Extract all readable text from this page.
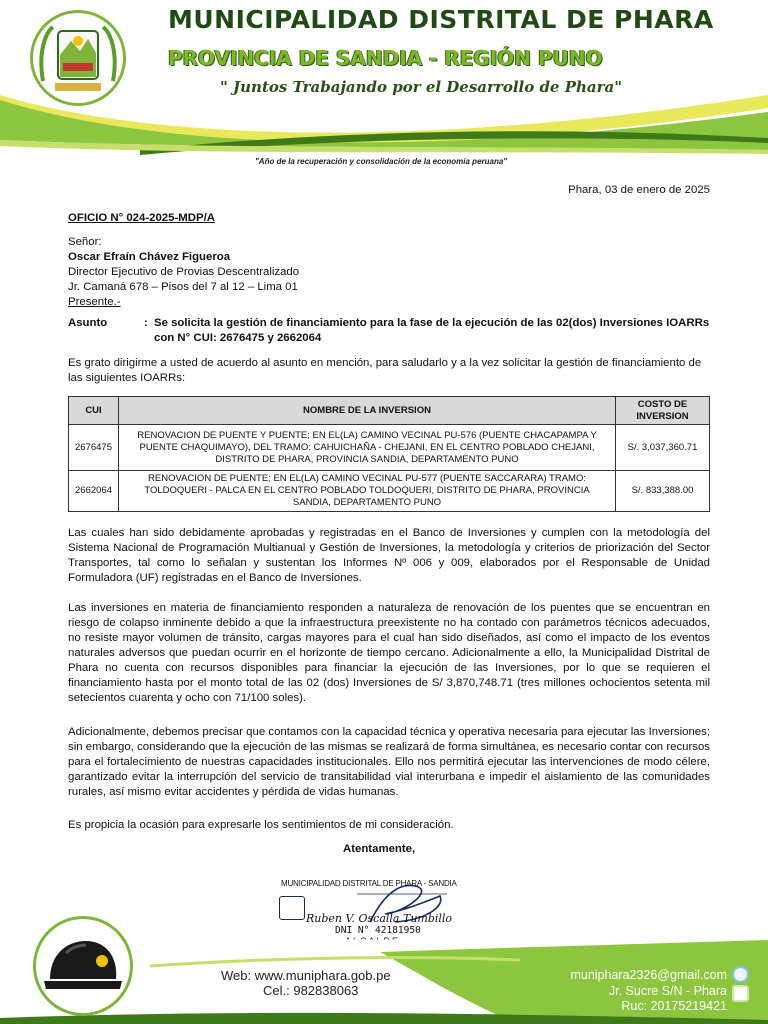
MUNICIPALIDAD DISTRITAL DE PHARA
PROVINCIA DE SANDIA - REGIÓN PUNO
" Juntos Trabajando por el Desarrollo de Phara"
"Año de la recuperación y consolidación de la economía peruana"
Phara, 03 de enero de 2025
OFICIO N° 024-2025-MDP/A
Señor:
Oscar Efraín Chávez Figueroa
Director Ejecutivo de Provias Descentralizado
Jr. Camaná 678 – Pisos del 7 al 12 – Lima 01
Presente.-
Asunto	: Se solicita la gestión de financiamiento para la fase de la ejecución de las 02(dos) Inversiones IOARRs con N° CUI: 2676475 y 2662064
Es grato dirigirme a usted de acuerdo al asunto en mención, para saludarlo y a la vez solicitar la gestión de financiamiento de las siguientes IOARRs:
CUI	NOMBRE DE LA INVERSION	COSTO DE INVERSION
2676475	RENOVACION DE PUENTE Y PUENTE; EN EL(LA) CAMINO VECINAL PU-576 (PUENTE CHACAPAMPA Y PUENTE CHAQUIMAYO), DEL TRAMO: CAHUICHAÑA - CHEJANI, EN EL CENTRO POBLADO CHEJANI, DISTRITO DE PHARA, PROVINCIA SANDIA, DEPARTAMENTO PUNO	S/. 3,037,360.71
2662064	RENOVACION DE PUENTE; EN EL(LA) CAMINO VECINAL PU-577 (PUENTE SACCARARA) TRAMO: TOLDOQUERI - PALCA EN EL CENTRO POBLADO TOLDOQUERI, DISTRITO DE PHARA, PROVINCIA SANDIA, DEPARTAMENTO PUNO	S/. 833,388.00
Las cuales han sido debidamente aprobadas y registradas en el Banco de Inversiones y cumplen con la metodología del Sistema Nacional de Programación Multianual y Gestión de Inversiones, la metodología y criterios de priorización del Sector Transportes, tal como lo señalan y sustentan los Informes Nº 006 y 009, elaborados por el Responsable de Unidad Formuladora (UF) registradas en el Banco de Inversiones.
Las inversiones en materia de financiamiento responden a naturaleza de renovación de los puentes que se encuentran en riesgo de colapso inminente debido a que la infraestructura preexistente no ha contado con parámetros técnicos adecuados, no resiste mayor volumen de tránsito, cargas mayores para el cual han sido diseñados, así como el impacto de los eventos naturales adversos que puedan ocurrir en el horizonte de tiempo cercano. Adicionalmente a ello, la Municipalidad Distrital de Phara no cuenta con recursos disponibles para financiar la ejecución de las Inversiones, por lo que se requieren el financiamiento hasta por el monto total de las 02 (dos) Inversiones de S/ 3,870,748.71 (tres millones ochocientos setenta mil setecientos cuarenta y ocho con 71/100 soles).
Adicionalmente, debemos precisar que contamos con la capacidad técnica y operativa necesaria para ejecutar las Inversiones; sin embargo, considerando que la ejecución de las mismas se realizará de forma simultánea, es necesario contar con recursos para el fortalecimiento de nuestras capacidades institucionales. Ello nos permitirá ejecutar las intervenciones de modo célere, garantizado evitar la interrupción del servicio de transitabilidad vial interurbana e impedir el aislamiento de las comunidades rurales, así mismo evitar accidentes y pérdida de vidas humanas.
Es propicia la ocasión para expresarle los sentimientos de mi consideración.
Atentamente,
MUNICIPALIDAD DISTRITAL DE PHARA - SANDIA
Ruben V. Oscalla Tumbillo
DNI N° 42181950
Web: www.muniphara.gob.pe
Cel.: 982838063
muniphara2326@gmail.com
Jr. Sucre S/N - Phara
Ruc: 20175219421
